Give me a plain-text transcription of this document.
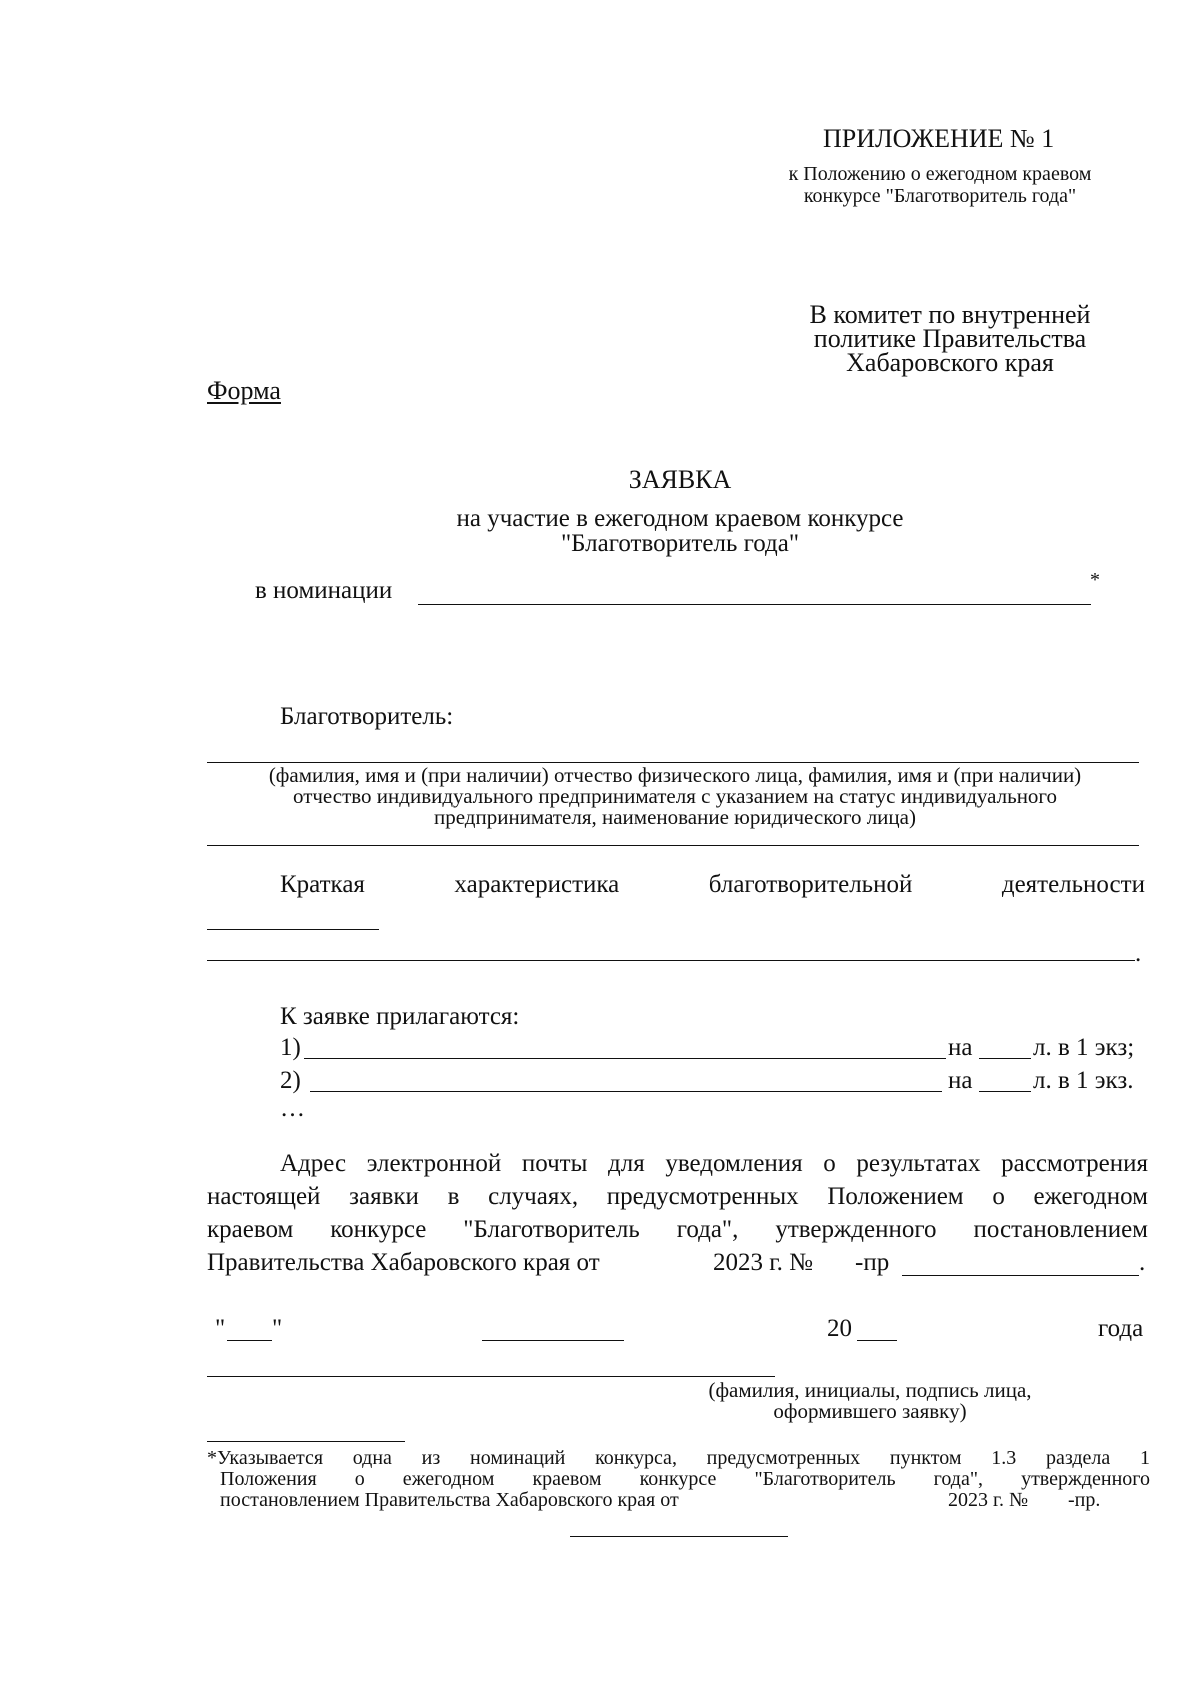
ПРИЛОЖЕНИЕ № 1
к Положению о ежегодном краевом
конкурсе "Благотворитель года"
В комитет по внутренней
политике Правительства
Хабаровского края
Форма
ЗАЯВКА
на участие в ежегодном краевом конкурсе
"Благотворитель года"
в номинации	*
Благотворитель:
(фамилия, имя и (при наличии) отчество физического лица, фамилия, имя и (при наличии)
отчество индивидуального предпринимателя с указанием на статус индивидуального
предпринимателя, наименование юридического лица)
Краткая	характеристика	благотворительной	деятельности
.
К заявке прилагаются:
1)	на л. в 1 экз;
2)	на л. в 1 экз.
…
Адрес электронной почты для уведомления о результатах рассмотрения
настоящей заявки в случаях, предусмотренных Положением о ежегодном
краевом конкурсе "Благотворитель года", утвержденного постановлением
Правительства Хабаровского края от	2023 г. № -пр	.
" "	20	года
(фамилия, инициалы, подпись лица,
оформившего заявку)
*Указывается одна из номинаций конкурса, предусмотренных пунктом 1.3 раздела 1
Положения о ежегодном краевом конкурсе "Благотворитель года", утвержденного
постановлением Правительства Хабаровского края от	2023 г. № -пр.
